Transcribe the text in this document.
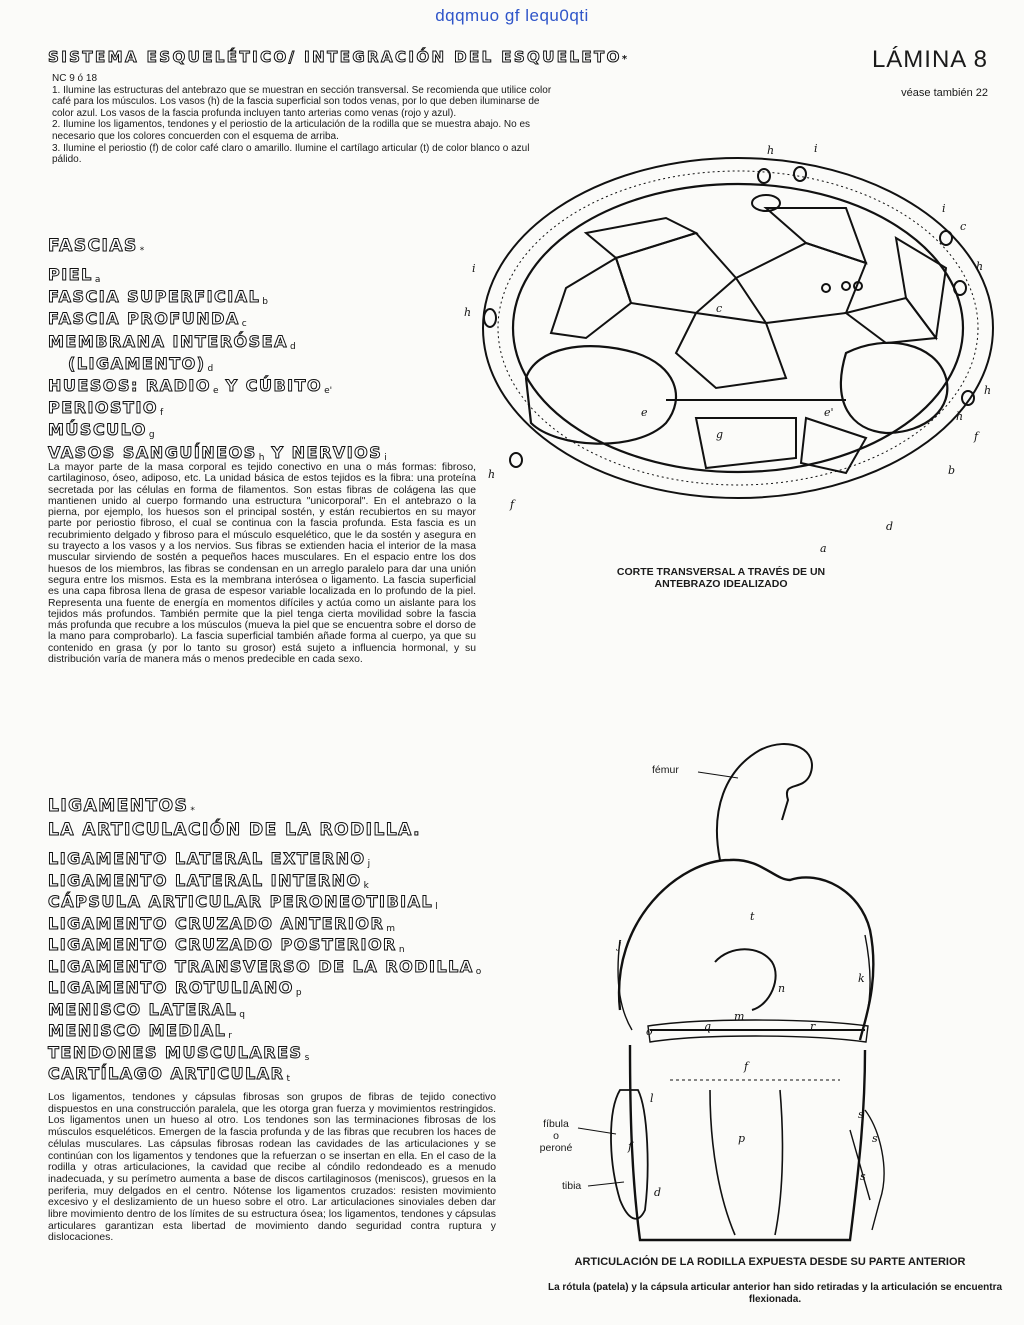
dqqmuo gf lequ0qti
SISTEMA ESQUELÉTICO/ INTEGRACIÓN DEL ESQUELETO*	LÁMINA 8
véase también 22

NC 9 ó 18

1. Ilumine las estructuras del antebrazo que se muestran en sección transversal. Se recomienda que utilice color café para los músculos. Los vasos (h) de la fascia superficial son todos venas, por lo que deben iluminarse de color azul. Los vasos de la fascia profunda incluyen tanto arterias como venas (rojo y azul).

2. Ilumine los ligamentos, tendones y el periostio de la articulación de la rodilla que se muestra abajo. No es necesario que los colores concuerden con el esquema de arriba.

3. Ilumine el periostio (f) de color café claro o amarillo. Ilumine el cartílago articular (t) de color blanco o azul pálido.

FASCIAS $_*$
PIEL $_a$
FASCIA SUPERFICIAL $_b$
FASCIA PROFUNDA $_c$
MEMBRANA INTERÓSEA $_d$
(LIGAMENTO) $_d$
HUESOS: RADIO $_e$ Y CÚBITO $_{e'}$
PERIOSTIO $_f$
MÚSCULO $_g$
VASOS SANGUÍNEOS $_h$ Y NERVIOS $_i$

La mayor parte de la masa corporal es tejido conectivo en una o más formas: fibroso, cartilaginoso, óseo, adiposo, etc. La unidad básica de estos tejidos es la fibra: una proteína secretada por las células en forma de filamentos. Son estas fibras de colágena las que mantienen unido al cuerpo formando una estructura "unicorporal". En el antebrazo o la pierna, por ejemplo, los huesos son el principal sostén, y están recubiertos en su mayor parte por periostio fibroso, el cual se continua con la fascia profunda. Esta fascia es un recubrimiento delgado y fibroso para el músculo esquelético, que le da sostén y asegura en su trayecto a los vasos y a los nervios. Sus fibras se extienden hacia el interior de la masa muscular sirviendo de sostén a pequeños haces musculares. En el espacio entre los dos huesos de los miembros, las fibras se condensan en un arreglo paralelo para dar una unión segura entre los mismos. Esta es la membrana interósea o ligamento. La fascia superficial es una capa fibrosa llena de grasa de espesor variable localizada en lo profundo de la piel. Representa una fuente de energía en momentos difíciles y actúa como un aislante para los tejidos más profundos. También permite que la piel tenga cierta movilidad sobre la fascia más profunda que recubre a los músculos (mueva la piel que se encuentra sobre el dorso de la mano para comprobarlo). La fascia superficial también añade forma al cuerpo, ya que su contenido en grasa (y por lo tanto su grosor) está sujeto a influencia hormonal, y su distribución varía de manera más o menos predecible en cada sexo.

h	i
c
i
h
h
h
f
b
d
a
f
h
i
h
g
e	e'
c
CORTE TRANSVERSAL A TRAVÉS DE UN ANTEBRAZO IDEALIZADO
LIGAMENTOS $_*$
LA ARTICULACIÓN DE LA RODILLA.
LIGAMENTO LATERAL EXTERNO $_j$
LIGAMENTO LATERAL INTERNO $_k$
CÁPSULA ARTICULAR PERONEOTIBIAL $_l$
LIGAMENTO CRUZADO ANTERIOR $_m$
LIGAMENTO CRUZADO POSTERIOR $_n$
LIGAMENTO TRANSVERSO DE LA RODILLA $_o$
LIGAMENTO ROTULIANO $_p$
MENISCO LATERAL $_q$
MENISCO MEDIAL $_r$
TENDONES MUSCULARES $_s$
CARTÍLAGO ARTICULAR $_t$

Los ligamentos, tendones y cápsulas fibrosas son grupos de fibras de tejido conectivo dispuestos en una construcción paralela, que les otorga gran fuerza y movimientos restringidos. Los ligamentos unen un hueso al otro. Los tendones son las terminaciones fibrosas de los músculos esqueléticos. Emergen de la fascia profunda y de las fibras que recubren los haces de células musculares. Las cápsulas fibrosas rodean las cavidades de las articulaciones y se continúan con los ligamentos y tendones que la refuerzan o se insertan en ella. En el caso de la rodilla y otras articulaciones, la cavidad que recibe al cóndilo redondeado es a menudo inadecuada, y su perímetro aumenta a base de discos cartilaginosos (meniscos), gruesos en la periferia, muy delgados en el centro. Nótense los ligamentos cruzados: resisten movimiento excesivo y el deslizamiento de un hueso sobre el otro. Lar articulaciones sinoviales deben dar libre movimiento dentro de los límites de su estructura ósea; los ligamentos, tendones y cápsulas articulares garantizan esta libertad de movimiento dando seguridad contra ruptura y dislocaciones.

t
j
k
o
m
n
q	r
f
l
f
p
s
s
s
d
fémur
fíbula
o
peroné
tibia
ARTICULACIÓN DE LA RODILLA EXPUESTA DESDE SU PARTE ANTERIOR
La rótula (patela) y la cápsula articular anterior han sido retiradas y la articulación se encuentra flexionada.
